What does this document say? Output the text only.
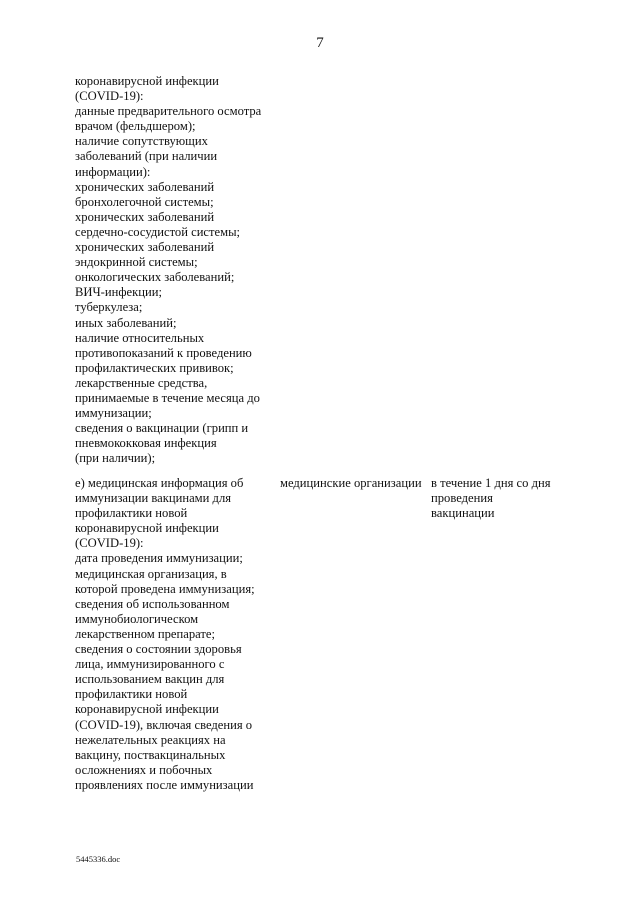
7
коронавирусной инфекции
(COVID-19):
данные предварительного осмотра
врачом (фельдшером);
наличие сопутствующих
заболеваний (при наличии
информации):
хронических заболеваний
бронхолегочной системы;
хронических заболеваний
сердечно-сосудистой системы;
хронических заболеваний
эндокринной системы;
онкологических заболеваний;
ВИЧ-инфекции;
туберкулеза;
иных заболеваний;
наличие относительных
противопоказаний к проведению
профилактических прививок;
лекарственные средства,
принимаемые в течение месяца до
иммунизации;
сведения о вакцинации (грипп и
пневмококковая инфекция
(при наличии);
е) медицинская информация об
иммунизации вакцинами для
профилактики новой
коронавирусной инфекции
(COVID-19):
дата проведения иммунизации;
медицинская организация, в
которой проведена иммунизация;
сведения об использованном
иммунобиологическом
лекарственном препарате;
сведения о состоянии здоровья
лица, иммунизированного с
использованием вакцин для
профилактики новой
коронавирусной инфекции
(COVID-19), включая сведения о
нежелательных реакциях на
вакцину, поствакцинальных
осложнениях и побочных
проявлениях после иммунизации
медицинские организации в течение 1 дня со дня
проведения
вакцинации
5445336.doc
